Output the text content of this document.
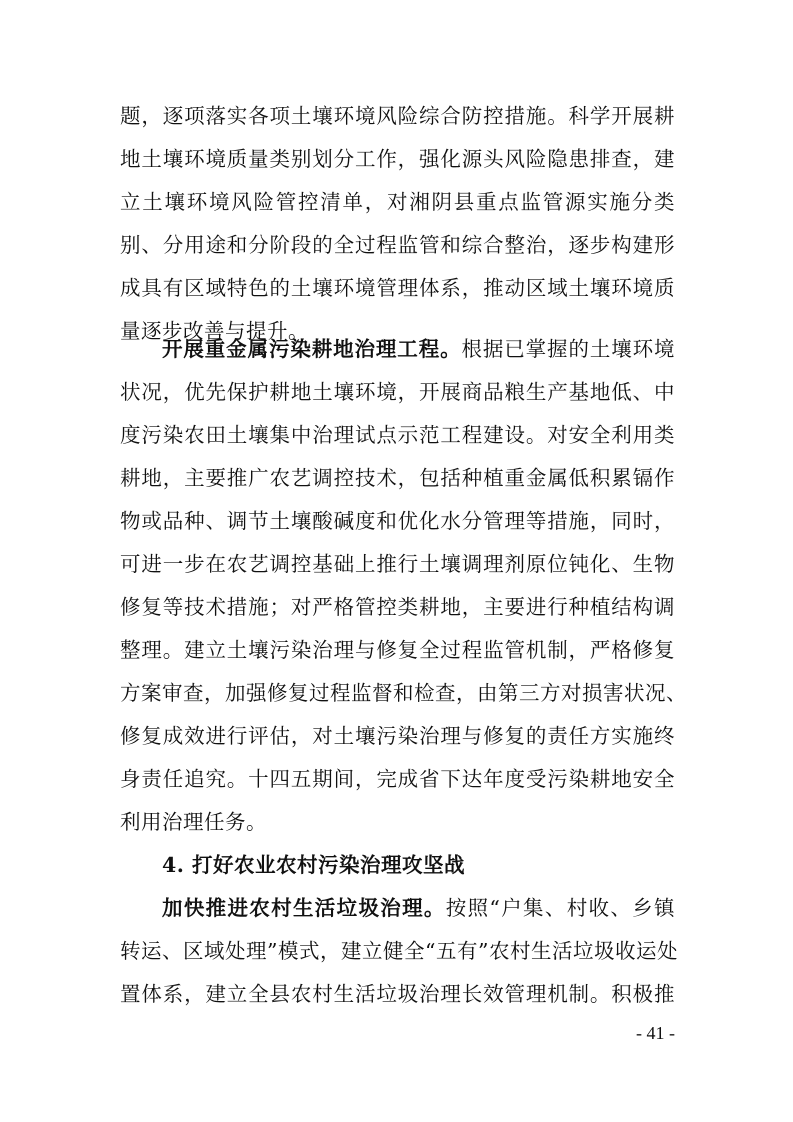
题，逐项落实各项土壤环境风险综合防控措施。科学开展耕
地土壤环境质量类别划分工作，强化源头风险隐患排查，建
立土壤环境风险管控清单，对湘阴县重点监管源实施分类
别、分用途和分阶段的全过程监管和综合整治，逐步构建形
成具有区域特色的土壤环境管理体系，推动区域土壤环境质
量逐步改善与提升。
开展重金属污染耕地治理工程。根据已掌握的土壤环境
状况，优先保护耕地土壤环境，开展商品粮生产基地低、中
度污染农田土壤集中治理试点示范工程建设。对安全利用类
耕地，主要推广农艺调控技术，包括种植重金属低积累镉作
物或品种、调节土壤酸碱度和优化水分管理等措施，同时，
可进一步在农艺调控基础上推行土壤调理剂原位钝化、生物
修复等技术措施；对严格管控类耕地，主要进行种植结构调
整理。建立土壤污染治理与修复全过程监管机制，严格修复
方案审查，加强修复过程监督和检查，由第三方对损害状况、
修复成效进行评估，对土壤污染治理与修复的责任方实施终
身责任追究。十四五期间，完成省下达年度受污染耕地安全
利用治理任务。
4. 打好农业农村污染治理攻坚战
加快推进农村生活垃圾治理。按照“户集、村收、乡镇
转运、区域处理”模式，建立健全“五有”农村生活垃圾收运处
置体系，建立全县农村生活垃圾治理长效管理机制。积极推
- 41 -
